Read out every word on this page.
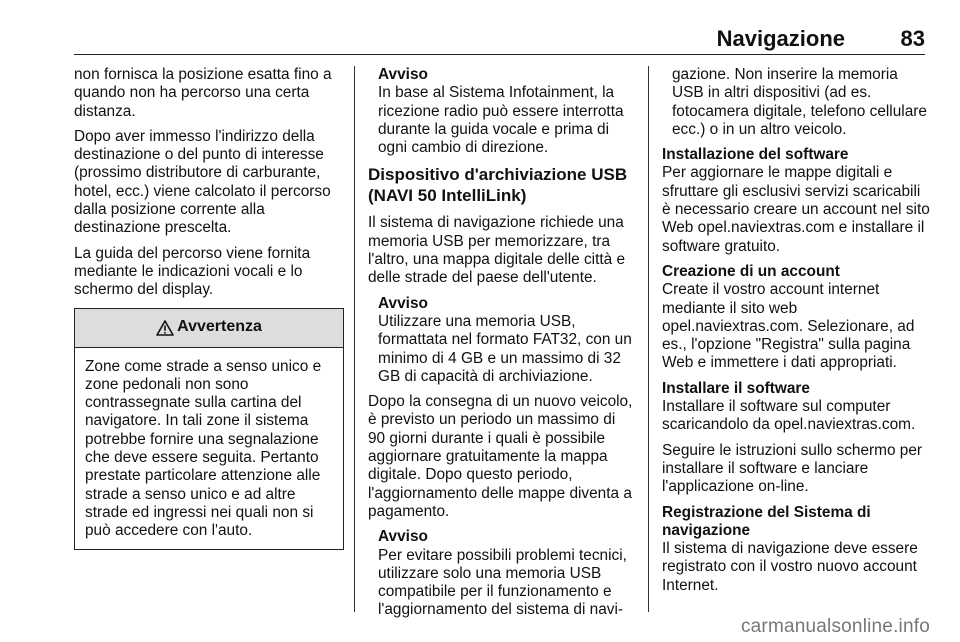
Navigazione	83

non fornisca la posizione esatta fino a quando non ha percorso una certa distanza.

Dopo aver immesso l'indirizzo della destinazione o del punto di interesse (prossimo distributore di carburante, hotel, ecc.) viene calcolato il percorso dalla posizione corrente alla destinazione prescelta.

La guida del percorso viene fornita mediante le indicazioni vocali e lo schermo del display.

Avvertenza
Zone come strade a senso unico e zone pedonali non sono contrassegnate sulla cartina del navigatore. In tali zone il sistema potrebbe fornire una segnalazione che deve essere seguita. Pertanto prestate particolare attenzione alle strade a senso unico e ad altre strade ed ingressi nei quali non si può accedere con l'auto.
Avviso

In base al Sistema Infotainment, la ricezione radio può essere interrotta durante la guida vocale e prima di ogni cambio di direzione.

Dispositivo d'archiviazione USB (NAVI 50 IntelliLink)

Il sistema di navigazione richiede una memoria USB per memorizzare, tra l'altro, una mappa digitale delle città e delle strade del paese dell'utente.

Avviso

Utilizzare una memoria USB, formattata nel formato FAT32, con un minimo di 4 GB e un massimo di 32 GB di capacità di archiviazione.

Dopo la consegna di un nuovo veicolo, è previsto un periodo un massimo di 90 giorni durante i quali è possibile aggiornare gratuitamente la mappa digitale. Dopo questo periodo, l'aggiornamento delle mappe diventa a pagamento.

Avviso

Per evitare possibili problemi tecnici, utilizzare solo una memoria USB compatibile per il funzionamento e l'aggiornamento del sistema di navi-

gazione. Non inserire la memoria USB in altri dispositivi (ad es. fotocamera digitale, telefono cellulare ecc.) o in un altro veicolo.

Installazione del software

Per aggiornare le mappe digitali e sfruttare gli esclusivi servizi scaricabili è necessario creare un account nel sito Web opel.naviextras.com e installare il software gratuito.

Creazione di un account

Create il vostro account internet mediante il sito web opel.naviextras.com. Selezionare, ad es., l'opzione "Registra" sulla pagina Web e immettere i dati appropriati.

Installare il software

Installare il software sul computer scaricandolo da opel.naviextras.com.

Seguire le istruzioni sullo schermo per installare il software e lanciare l'applicazione on-line.

Registrazione del Sistema di navigazione

Il sistema di navigazione deve essere registrato con il vostro nuovo account Internet.

carmanualsonline.info
